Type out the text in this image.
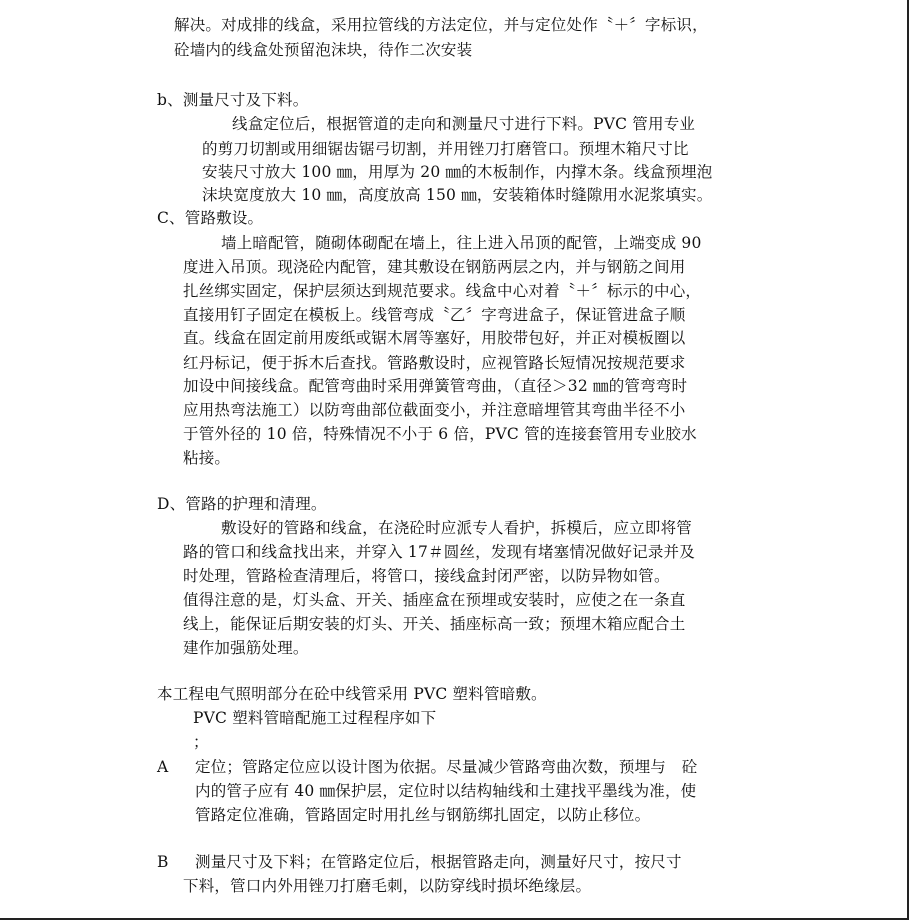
解决。对成排的线盒，采用拉管线的方法定位，并与定位处作〝＋〞字标识，
砼墙内的线盒处预留泡沫块，待作二次安装
b、测量尺寸及下料。
线盒定位后，根据管道的走向和测量尺寸进行下料。PVC 管用专业
的剪刀切割或用细锯齿锯弓切割，并用锉刀打磨管口。预埋木箱尺寸比
安装尺寸放大 100 ㎜，用厚为 20 ㎜的木板制作，内撑木条。线盒预埋泡
沫块宽度放大 10 ㎜，高度放高 150 ㎜，安装箱体时缝隙用水泥浆填实。
C、管路敷设。
墙上暗配管，随砌体砌配在墙上，往上进入吊顶的配管，上端变成 90
度进入吊顶。现浇砼内配管，建其敷设在钢筋两层之内，并与钢筋之间用
扎丝绑实固定，保护层须达到规范要求。线盒中心对着〝＋〞标示的中心，
直接用钉子固定在模板上。线管弯成〝乙〞字弯进盒子，保证管进盒子顺
直。线盒在固定前用废纸或锯木屑等塞好，用胶带包好，并正对模板圈以
红丹标记，便于拆木后查找。管路敷设时，应视管路长短情况按规范要求
加设中间接线盒。配管弯曲时采用弹簧管弯曲，（直径＞32 ㎜的管弯弯时
应用热弯法施工）以防弯曲部位截面变小，并注意暗埋管其弯曲半径不小
于管外径的 10 倍，特殊情况不小于 6 倍，PVC 管的连接套管用专业胶水
粘接。
D、管路的护理和清理。
敷设好的管路和线盒，在浇砼时应派专人看护，拆模后，应立即将管
路的管口和线盒找出来，并穿入 17＃圆丝，发现有堵塞情况做好记录并及
时处理，管路检查清理后，将管口，接线盒封闭严密，以防异物如管。
值得注意的是，灯头盒、开关、插座盒在预埋或安装时，应使之在一条直
线上，能保证后期安装的灯头、开关、插座标高一致；预埋木箱应配合土
建作加强筋处理。
本工程电气照明部分在砼中线管采用 PVC 塑料管暗敷。
PVC 塑料管暗配施工过程程序如下
；
A 定位；管路定位应以设计图为依据。尽量减少管路弯曲次数，预埋与　砼
内的管子应有 40 ㎜保护层，定位时以结构轴线和土建找平墨线为准，使
管路定位准确，管路固定时用扎丝与钢筋绑扎固定，以防止移位。
B 测量尺寸及下料；在管路定位后，根据管路走向，测量好尺寸，按尺寸
下料，管口内外用锉刀打磨毛刺，以防穿线时损坏绝缘层。
